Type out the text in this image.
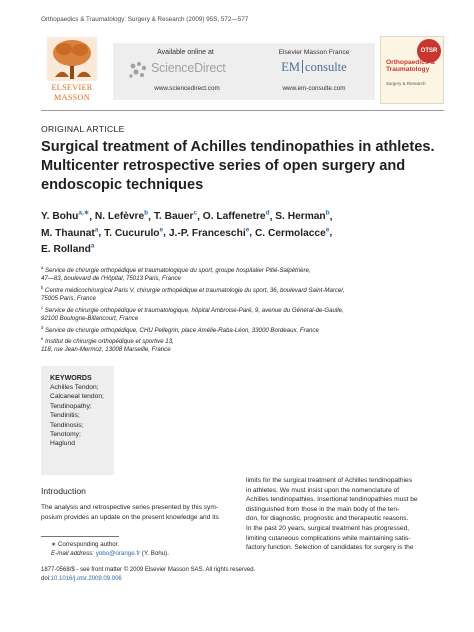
Orthopaedics & Traumatology: Surgery & Research (2009) 95S, 572—577
ELSEVIER
MASSON
Available online at
ScienceDirect
www.sciencedirect.com
Elsevier Masson France
EM consulte
www.em-consulte.com
OTSR
Orthopaedics & Traumatology
Surgery & Research
ORIGINAL ARTICLE
Surgical treatment of Achilles tendinopathies in athletes. Multicenter retrospective series of open surgery and endoscopic techniques
Y. Bohu$^{a,∗}$, N. Lefèvre$^b$, T. Bauer$^c$, O. Laffenetre$^d$, S. Herman$^b$,
M. Thaunat$^a$, T. Cucurulo$^e$, J.-P. Franceschi$^e$, C. Cermolacce$^e$,
E. Rolland$^a$
$^a$ Service de chirurgie orthopédique et traumatologique du sport, groupe hospitalier Pitié-Salpêtrière,
47—83, boulevard de l’Hôpital, 75013 Paris, France
$^b$ Centre médicochirurgical Paris V, chirurgie orthopédique et traumatologie du sport, 36, boulevard Saint-Marcel,
75005 Paris, France
$^c$ Service de chirurgie orthopédique et traumatologique, hôpital Ambroise-Paré, 9, avenue du Général-de-Gaulle,
92100 Boulogne-Billancourt, France
$^d$ Service de chirurgie orthopédique, CHU Pellegrin, place Amélie-Raba-Léon, 33000 Bordeaux, France
$^e$ Institut de chirurgie orthopédique et sportive 13,
118, rue Jean-Mermoz, 13008 Marseille, France
KEYWORDS
Achilles Tendon;
Calcaneal tendon;
Tendinopathy;
Tendinitis;
Tendinosis;
Tenotomy;
Haglund
Introduction
The analysis and retrospective series presented by this sym-
posium provides an update on the present knowledge and its
limits for the surgical treatment of Achilles tendinopathies
in athletes. We must insist upon the nomenclature of
Achilles tendinopathies. Insertional tendinopathies must be
distinguished from those in the main body of the ten-
don, for diagnostic, prognostic and therapeutic reasons.
In the past 20 years, surgical treatment has progressed,
limiting cutaneous complications while maintaining satis-
factory function. Selection of candidates for surgery is the
∗ Corresponding author.
E-mail address: yobo@orange.fr (Y. Bohu).
1877-0568/$ - see front matter © 2009 Elsevier Masson SAS. All rights reserved.
doi:10.1016/j.otsr.2009.09.006
